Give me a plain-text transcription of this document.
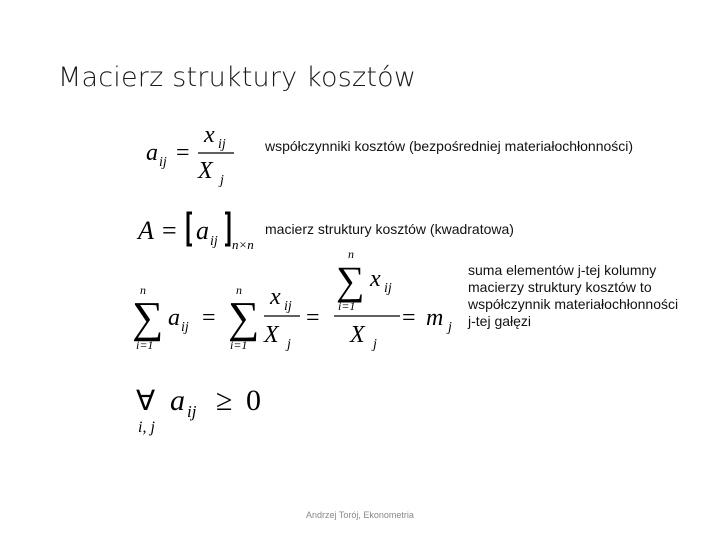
Macierz struktury kosztów
a ij =
x ij
X j
współczynniki kosztów (bezpośredniej materiałochłonności)
A = a ij n×n
macierz struktury kosztów (kwadratowa)
n
∑
i=1
a ij =
n
∑
i=1
x ij
X j
=
n
∑
i=1
x ij
X j
= m j
suma elementów j-tej kolumny macierzy struktury kosztów to współczynnik materiałochłonności j-tej gałęzi
∀
i, j
a ij ≥ 0
Andrzej Torój, Ekonometria
